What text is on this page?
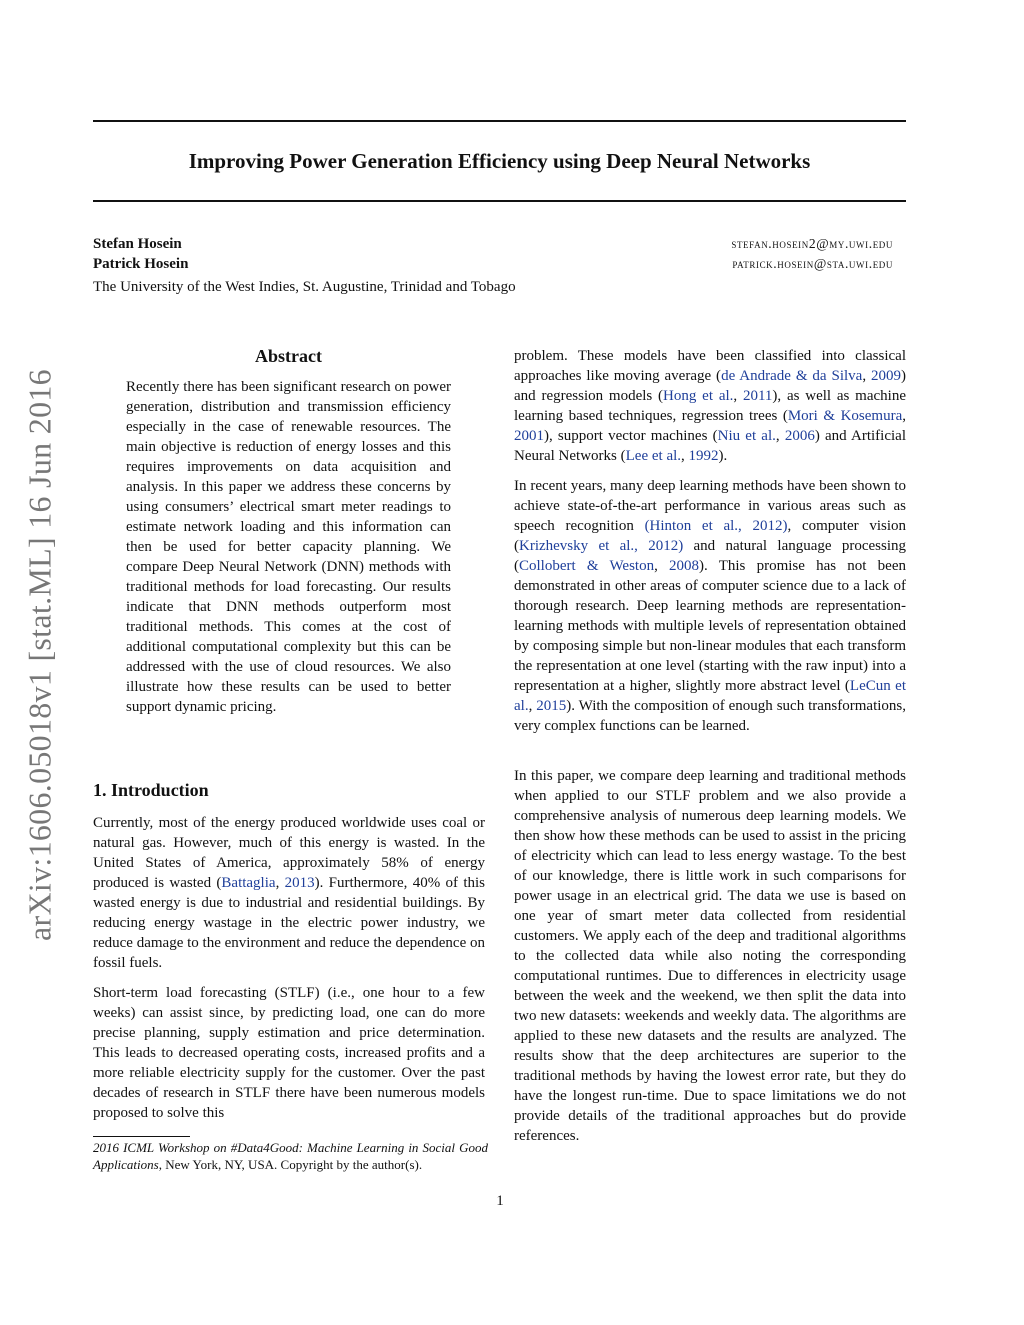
Improving Power Generation Efficiency using Deep Neural Networks
Stefan Hosein	stefan.hosein2@my.uwi.edu
Patrick Hosein	patrick.hosein@sta.uwi.edu
The University of the West Indies, St. Augustine, Trinidad and Tobago
arXiv:1606.05018v1 [stat.ML] 16 Jun 2016
Abstract
Recently there has been significant research on power generation, distribution and transmission efficiency especially in the case of renewable resources. The main objective is reduction of energy losses and this requires improvements on data acquisition and analysis. In this paper we address these concerns by using consumers’ electrical smart meter readings to estimate network loading and this information can then be used for better capacity planning. We compare Deep Neural Network (DNN) methods with traditional methods for load forecasting. Our results indicate that DNN methods outperform most traditional methods. This comes at the cost of additional computational complexity but this can be addressed with the use of cloud resources. We also illustrate how these results can be used to better support dynamic pricing.
1. Introduction
Currently, most of the energy produced worldwide uses coal or natural gas. However, much of this energy is wasted. In the United States of America, approximately 58% of energy produced is wasted (Battaglia, 2013). Furthermore, 40% of this wasted energy is due to industrial and residential buildings. By reducing energy wastage in the electric power industry, we reduce damage to the environment and reduce the dependence on fossil fuels.
Short-term load forecasting (STLF) (i.e., one hour to a few weeks) can assist since, by predicting load, one can do more precise planning, supply estimation and price determination. This leads to decreased operating costs, increased profits and a more reliable electricity supply for the customer. Over the past decades of research in STLF there have been numerous models proposed to solve this
problem. These models have been classified into classical approaches like moving average (de Andrade & da Silva, 2009) and regression models (Hong et al., 2011), as well as machine learning based techniques, regression trees (Mori & Kosemura, 2001), support vector machines (Niu et al., 2006) and Artificial Neural Networks (Lee et al., 1992).
In recent years, many deep learning methods have been shown to achieve state-of-the-art performance in various areas such as speech recognition (Hinton et al., 2012), computer vision (Krizhevsky et al., 2012) and natural language processing (Collobert & Weston, 2008). This promise has not been demonstrated in other areas of computer science due to a lack of thorough research. Deep learning methods are representation-learning methods with multiple levels of representation obtained by composing simple but non-linear modules that each transform the representation at one level (starting with the raw input) into a representation at a higher, slightly more abstract level (LeCun et al., 2015). With the composition of enough such transformations, very complex functions can be learned.
In this paper, we compare deep learning and traditional methods when applied to our STLF problem and we also provide a comprehensive analysis of numerous deep learning models. We then show how these methods can be used to assist in the pricing of electricity which can lead to less energy wastage. To the best of our knowledge, there is little work in such comparisons for power usage in an electrical grid. The data we use is based on one year of smart meter data collected from residential customers. We apply each of the deep and traditional algorithms to the collected data while also noting the corresponding computational runtimes. Due to differences in electricity usage between the week and the weekend, we then split the data into two new datasets: weekends and weekly data. The algorithms are applied to these new datasets and the results are analyzed. The results show that the deep architectures are superior to the traditional methods by having the lowest error rate, but they do have the longest run-time. Due to space limitations we do not provide details of the traditional approaches but do provide references.
2016 ICML Workshop on #Data4Good: Machine Learning in Social Good Applications, New York, NY, USA. Copyright by the author(s).
1
